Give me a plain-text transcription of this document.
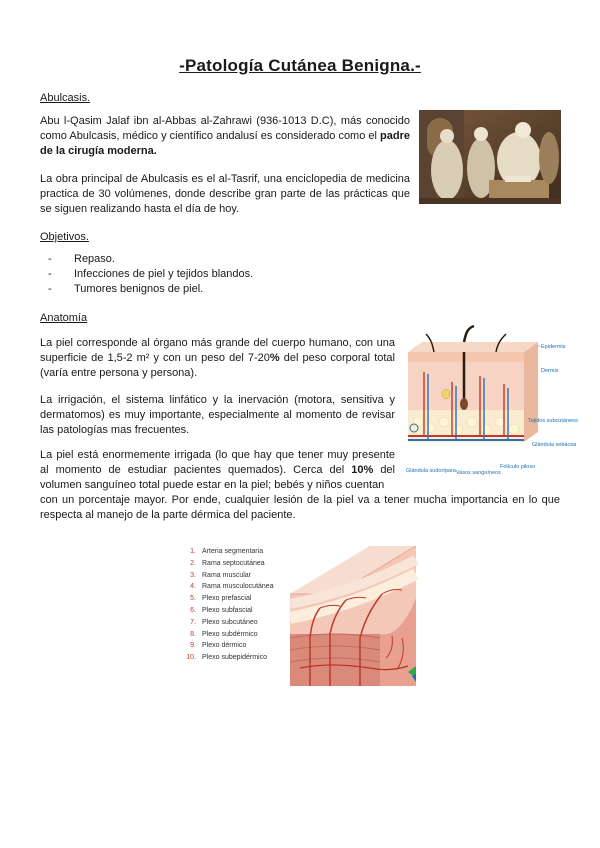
-Patología Cutánea Benigna.-
Abulcasis.

Abu l-Qasim Jalaf ibn al-Abbas al-Zahrawi (936-1013 D.C), más conocido como Abulcasis, médico y científico andalusí es considerado como el padre de la cirugía moderna.

La obra principal de Abulcasis es el al-Tasrif, una enciclopedia de medicina practica de 30 volúmenes, donde describe gran parte de las prácticas que se siguen realizando hasta el día de hoy.

Objetivos.
- Repaso.
- Infecciones de piel y tejidos blandos.
- Tumores benignos de piel.
Anatomía

La piel corresponde al órgano más grande del cuerpo humano, con una superficie de 1,5-2 m² y con un peso del 7-20% del peso corporal total (varía entre persona y persona).

La irrigación, el sistema linfático y la inervación (motora, sensitiva y dermatomos) es muy importante, especialmente al momento de revisar las patologías mas frecuentes.

La piel está enormemente irrigada (lo que hay que tener muy presente al momento de estudiar pacientes quemados). Cerca del 10% del volumen sanguíneo total puede estar en la piel; bebés y niños cuentan

con un porcentaje mayor. Por ende, cualquier lesión de la piel va a tener mucha importancia en lo que respecta al manejo de la parte dérmica del paciente.

Epidermis
Dermis
Tejidos subcutáneos
Glándula sebácea
Glándula sudorípara Vasos sanguíneos
Folículo piloso
1. Arteria segmentaria
2. Rama septocutánea
3. Rama muscular
4. Rama musculocutánea
5. Plexo prefascial
6. Plexo subfascial
7. Plexo subcutáneo
8. Plexo subdérmico
9. Plexo dérmico
10. Plexo subepidérmico
